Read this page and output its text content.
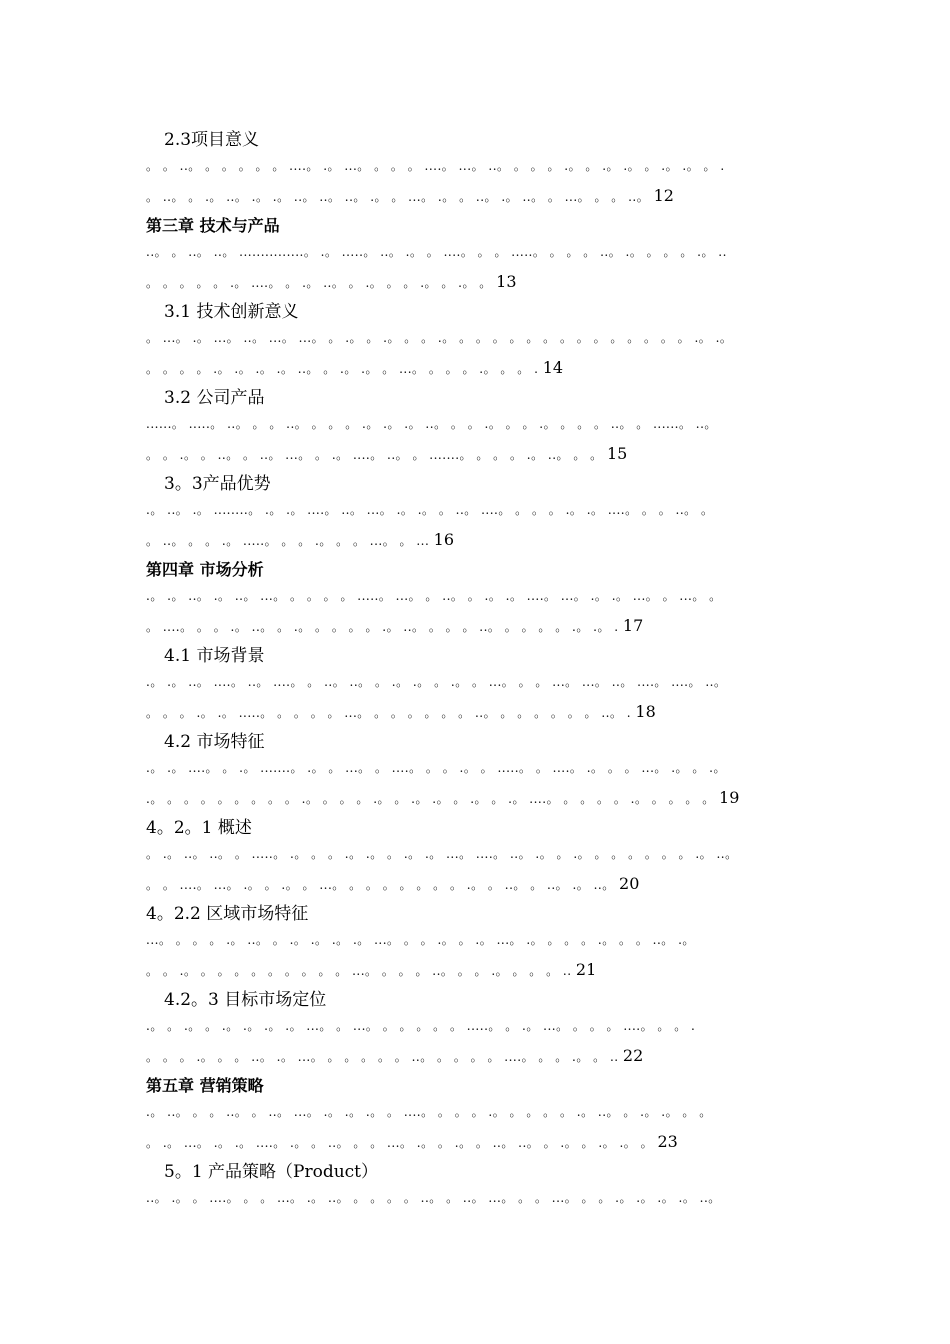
2.3项目意义
。 。 ..。 。 。 。 。 。 ....。 .。 ...。 。 。 。 ....。 ...。 ..。 。 。 。 .。 。 .。 .。 。 .。 .。 。 .
。 ..。 。 .。 ..。 .。 .。 ..。 ..。 ..。 .。 。 ...。 .。 。 ..。 .。 ..。 。 ...。 。 。 ..。 12
第三章 技术与产品
..。 。 ..。 ..。 ...............。 .。 .....。 ..。 .。 。 ....。 。 。 .....。 。 。 。 ..。 .。 。 。 。 .。 ..
。 。 。 。 。 .。 ....。 。 .。 ..。 。 .。 。 。 .。 。 .。 。 13
3.1 技术创新意义
。 ...。 .。 ...。 ..。 ...。 ...。 。 .。 。 .。 。 。 .。 。 。 。 。 。 。 。 。 。 。 。 。 。 。 .。 .。
。 。 。 。 .。 .。 .。 .。 ..。 。 .。 .。 。 ...。 。 。 。 .。 。 。 . 14
3.2 公司产品
......。 .....。 ..。 。 。 ..。 。 。 。 .。 .。 .。 ..。 。 。 .。 。 。 .。 。 。 。 ..。 。 ......。 ..。
。 。 .。 。 ..。 。 ..。 ...。 。 .。 ....。 ..。 。 .......。 。 。 。 .。 ..。 。 。 15
3。3产品优势
.。 ..。 .。 ........。 .。 .。 ....。 ..。 ...。 .。 .。 。 ..。 ....。 。 。 。 .。 .。 ....。 。 。 ..。 。
。 ..。 。 。 .。 .....。 。 。 .。 。 。 ...。 。 ... 16
第四章 市场分析
.。 .。 ..。 .。 ..。 ...。 。 。 。 。 .....。 ...。 。 ..。 。 .。 .。 ....。 ...。 .。 .。 ...。 。 ...。 。
。 ....。 。 。 .。 ..。 。 .。 。 。 。 。 .。 ..。 。 。 。 ..。 。 。 。 。 .。 .。 . 17
4.1 市场背景
.。 .。 ..。 ....。 ..。 ....。 。 ..。 ..。 。 .。 .。 。 .。 。 ...。 。 。 ...。 ...。 ..。 ....。 ....。 ..。
。 。 。 .。 .。 .....。 。 。 。 。 ...。 。 。 。 。 。 。 ..。 。 。 。 。 。 。 ..。 . 18
4.2 市场特征
.。 .。 ....。 。 .。 .......。 .。 。 ...。 。 ....。 。 。 .。 。 .....。 。 ....。 .。 。 。 ...。 .。 。 .。
.。 。 。 。 。 。 。 。 。 .。 。 。 。 .。 。 .。 .。 。 .。 。 .。 ....。 。 。 。 。 .。 。 。 。 。 19
4。2。1 概述
。 .。 ..。 ..。 。 .....。 .。 。 。 .。 .。 。 .。 .。 ...。 ....。 ..。 .。 。 .。 。 。 。 。 。 。 .。 ..。
。 。 ....。 ...。 .。 。 .。 。 ...。 。 。 。 。 。 。 。 .。 。 ..。 。 ..。 .。 ..。 20
4。2.2 区域市场特征
...。 。 。 。 .。 ..。 。 .。 .。 .。 .。 ...。 。 。 .。 。 .。 ...。 .。 。 。 。 .。 。 。 ..。 .。
。 。 .。 。 。 。 。 。 。 。 。 。 ...。 。 。 。 ..。 。 。 .。 。 。 。 .. 21
4.2。3 目标市场定位
.。 。 .。 。 .。 .。 .。 .。 ...。 。 ...。 。 。 。 。 。 .....。 。 .。 ...。 。 。 。 ....。 。 。 .
。 。 。 .。 。 。 ..。 .。 ...。 。 。 。 。 。 ..。 。 。 。 。 ....。 。 。 .。 。 .. 22
第五章 营销策略
.。 ..。 。 。 ..。 。 ..。 ...。 .。 .。 .。 。 ....。 。 。 。 .。 。 。 。 。 .。 ..。 。 .。 .。 。 。
。 .。 ...。 .。 .。 ....。 .。 。 ..。 。 。 ...。 .。 。 .。 。 ..。 ..。 。 .。 。 .。 .。 。 23
5。1 产品策略（Product）
..。 .。 。 ....。 。 。 ...。 .。 ..。 。 。 。 。 ..。 。 ..。 ...。 。 。 ...。 。 。 .。 .。 .。 .。 ..。
